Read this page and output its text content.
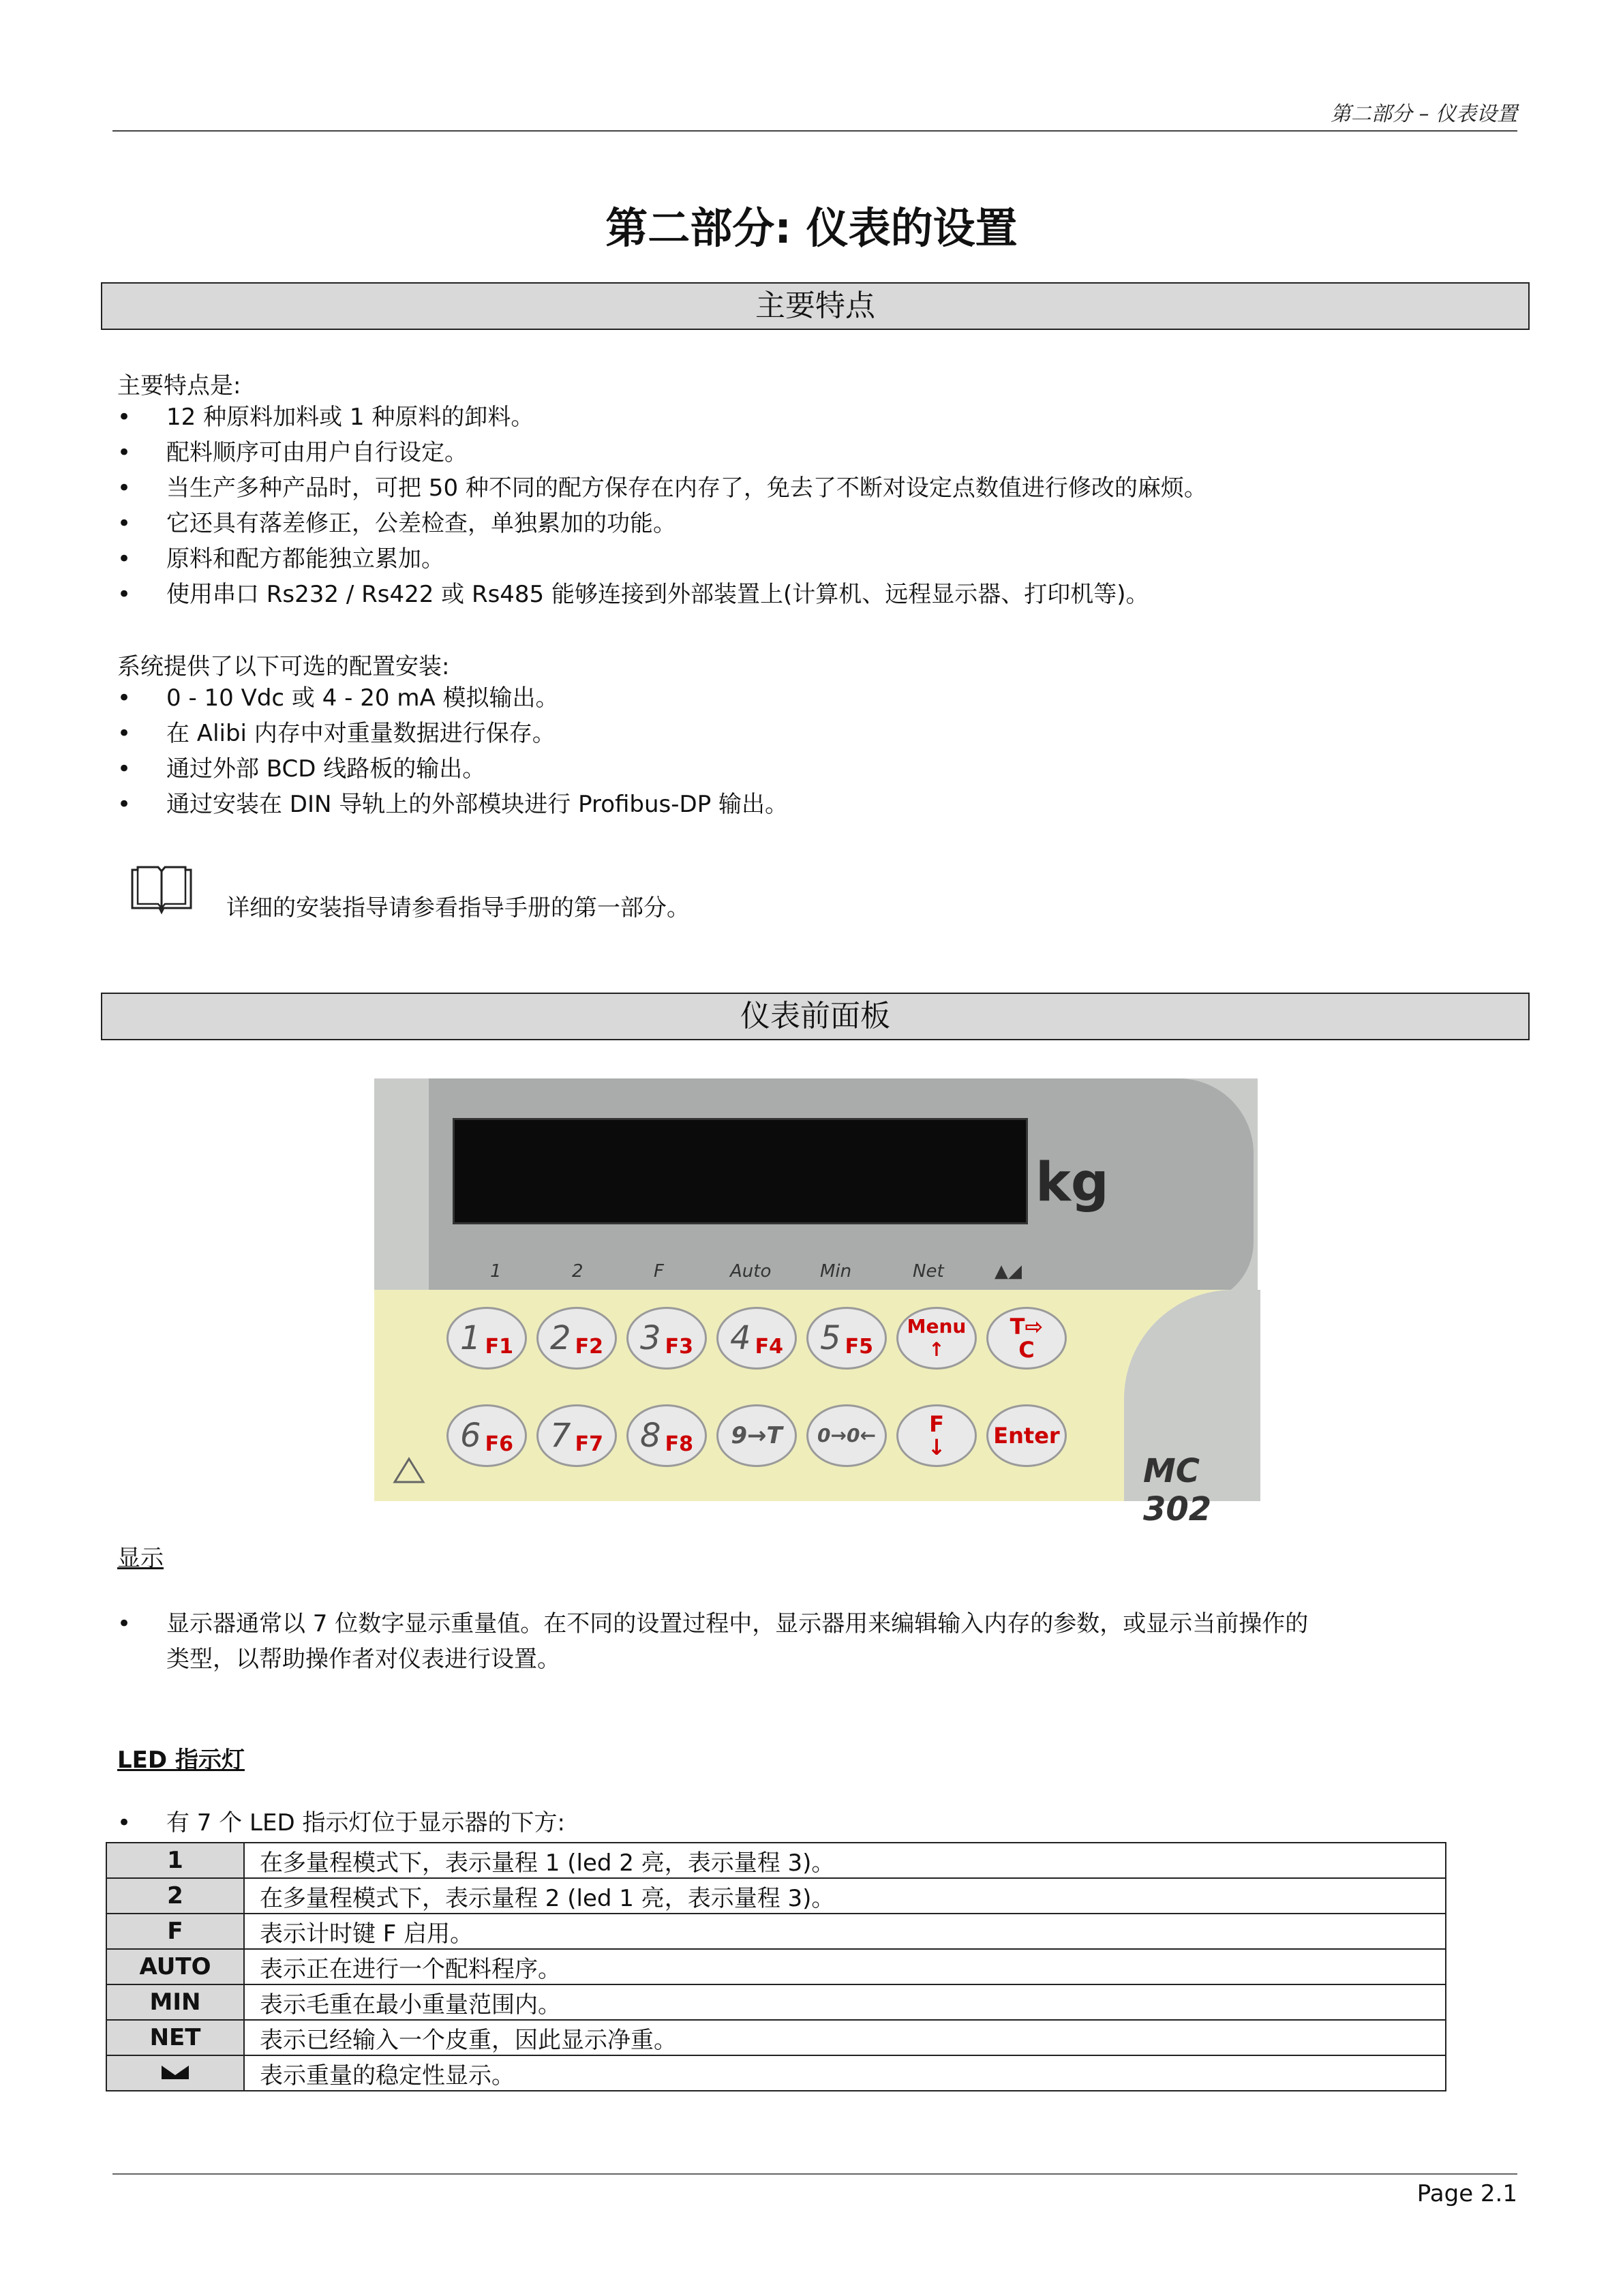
第二部分 – 仪表设置
第二部分: 仪表的设置
主要特点
主要特点是:
• 12 种原料加料或 1 种原料的卸料。
• 配料顺序可由用户自行设定。
• 当生产多种产品时，可把 50 种不同的配方保存在内存了，免去了不断对设定点数值进行修改的麻烦。
• 它还具有落差修正，公差检查，单独累加的功能。
• 原料和配方都能独立累加。
• 使用串口 Rs232 / Rs422 或 Rs485 能够连接到外部装置上(计算机、远程显示器、打印机等)。
系统提供了以下可选的配置安装:
• 0 - 10 Vdc 或 4 - 20 mA 模拟输出。
• 在 Alibi 内存中对重量数据进行保存。
• 通过外部 BCD 线路板的输出。
• 通过安装在 DIN 导轨上的外部模块进行 Profibus-DP 输出。
详细的安装指导请参看指导手册的第一部分。
仪表前面板
kg
1	2	F	Auto	Min	Net	▲◢
1 F1 2 F2 3 F3 4 F4 5 F5
Menu
↑
T⇨
C
6 F6 7 F7 8 F8 9→T 0→0← F
↓ Enter
MC 302
显示
• 显示器通常以 7 位数字显示重量值。在不同的设置过程中，显示器用来编辑输入内存的参数，或显示当前操作的
类型，以帮助操作者对仪表进行设置。
LED 指示灯
• 有 7 个 LED 指示灯位于显示器的下方:
1	在多量程模式下，表示量程 1 (led 2 亮，表示量程 3)。
2	在多量程模式下，表示量程 2 (led 1 亮，表示量程 3)。
F	表示计时键 F 启用。
AUTO	表示正在进行一个配料程序。
MIN	表示毛重在最小重量范围内。
NET	表示已经输入一个皮重，因此显示净重。
	表示重量的稳定性显示。
Page 2.1
